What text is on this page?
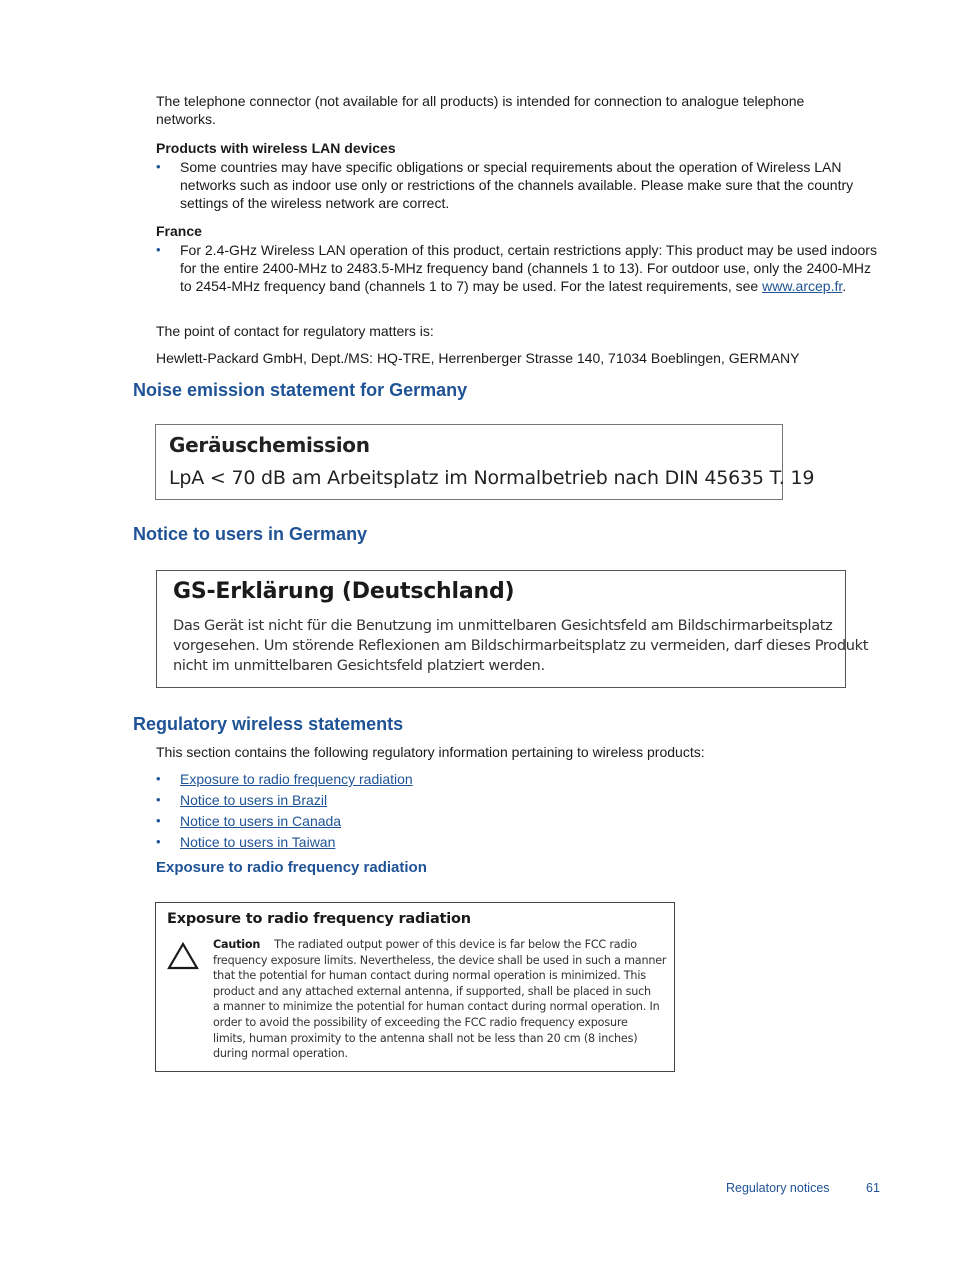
The telephone connector (not available for all products) is intended for connection to analogue telephone networks.
Products with wireless LAN devices
• Some countries may have specific obligations or special requirements about the operation of Wireless LAN networks such as indoor use only or restrictions of the channels available. Please make sure that the country settings of the wireless network are correct.
France
• For 2.4-GHz Wireless LAN operation of this product, certain restrictions apply: This product may be used indoors for the entire 2400-MHz to 2483.5-MHz frequency band (channels 1 to 13). For outdoor use, only the 2400-MHz to 2454-MHz frequency band (channels 1 to 7) may be used. For the latest requirements, see www.arcep.fr.
The point of contact for regulatory matters is:
Hewlett-Packard GmbH, Dept./MS: HQ-TRE, Herrenberger Strasse 140, 71034 Boeblingen, GERMANY
Noise emission statement for Germany
Geräuschemission
LpA < 70 dB am Arbeitsplatz im Normalbetrieb nach DIN 45635 T. 19
Notice to users in Germany
GS-Erklärung (Deutschland)
Das Gerät ist nicht für die Benutzung im unmittelbaren Gesichtsfeld am Bildschirmarbeitsplatz
vorgesehen. Um störende Reflexionen am Bildschirmarbeitsplatz zu vermeiden, darf dieses Produkt
nicht im unmittelbaren Gesichtsfeld platziert werden.
Regulatory wireless statements
This section contains the following regulatory information pertaining to wireless products:
• Exposure to radio frequency radiation
• Notice to users in Brazil
• Notice to users in Canada
• Notice to users in Taiwan
Exposure to radio frequency radiation
Exposure to radio frequency radiation
Caution The radiated output power of this device is far below the FCC radio
frequency exposure limits. Nevertheless, the device shall be used in such a manner
that the potential for human contact during normal operation is minimized. This
product and any attached external antenna, if supported, shall be placed in such
a manner to minimize the potential for human contact during normal operation. In
order to avoid the possibility of exceeding the FCC radio frequency exposure
limits, human proximity to the antenna shall not be less than 20 cm (8 inches)
during normal operation.
Regulatory notices	61
